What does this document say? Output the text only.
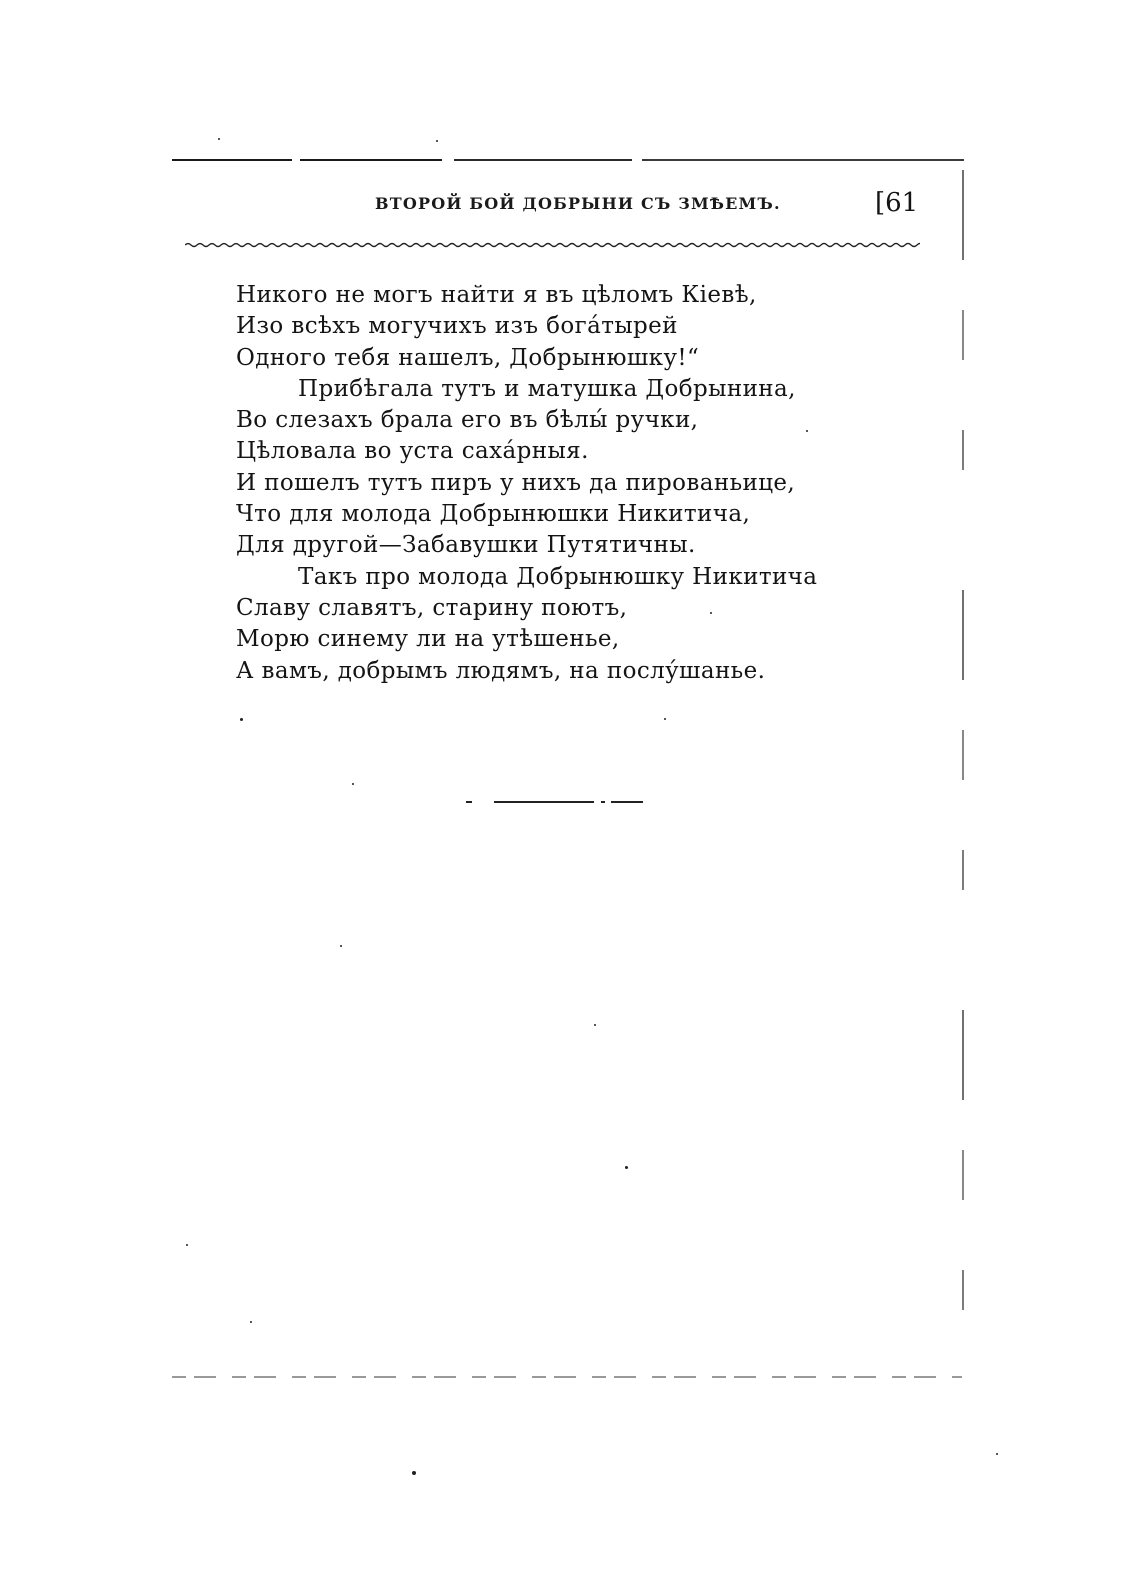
ВТОРОЙ БОЙ ДОБРЫНИ СЪ ЗМѢЕМЪ.	[61
Никого не могъ найти я въ цѣломъ Кіевѣ,
Изо всѣхъ могучихъ изъ богáтырей
Одного тебя нашелъ, Добрынюшку!“
Прибѣгала тутъ и матушка Добрынина,
Во слезахъ брала его въ бѣлы́ ручки,
Цѣловала во уста сахáрныя.
И пошелъ тутъ пиръ у нихъ да пированьице,
Что для молода Добрынюшки Никитича,
Для другой—Забавушки Путятичны.
Такъ про молода Добрынюшку Никитича
Славу славятъ, старину поютъ,
Морю синему ли на утѣшенье,
А вамъ, добрымъ людямъ, на послу́шанье.
